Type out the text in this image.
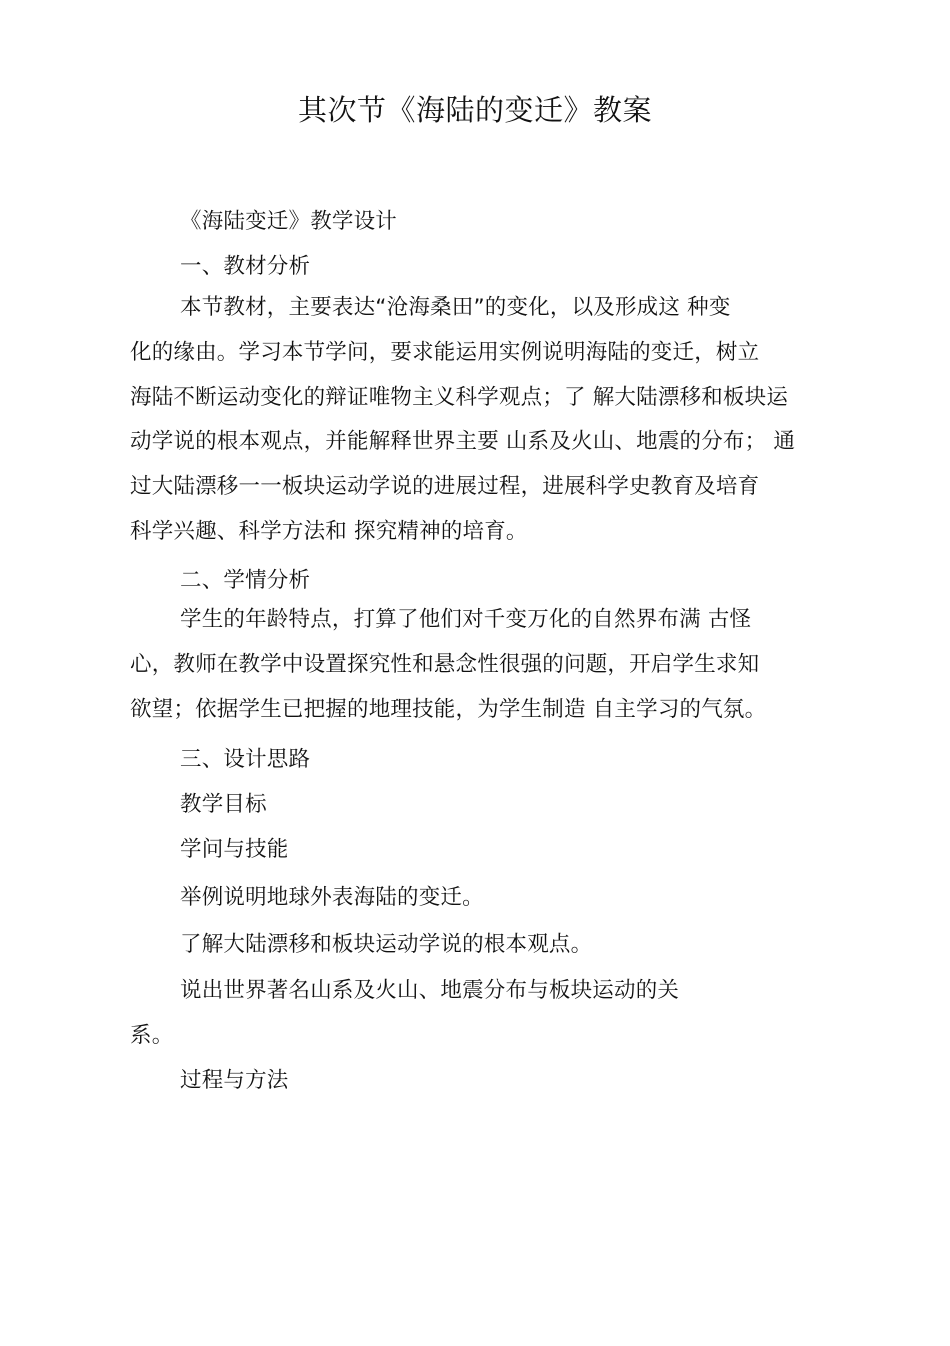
其次节《海陆的变迁》教案
《海陆变迁》教学设计
一、教材分析
本节教材，主要表达“沧海桑田”的变化，以及形成这 种变
化的缘由。学习本节学问，要求能运用实例说明海陆的变迁，树立
海陆不断运动变化的辩证唯物主义科学观点；了 解大陆漂移和板块运
动学说的根本观点，并能解释世界主要 山系及火山、地震的分布； 通
过大陆漂移一一板块运动学说的进展过程，进展科学史教育及培育
科学兴趣、科学方法和 探究精神的培育。
二、学情分析
学生的年龄特点，打算了他们对千变万化的自然界布满 古怪
心，教师在教学中设置探究性和悬念性很强的问题，开启学生求知
欲望；依据学生已把握的地理技能，为学生制造 自主学习的气氛。
三、设计思路
教学目标
学问与技能
举例说明地球外表海陆的变迁。
了解大陆漂移和板块运动学说的根本观点。
说出世界著名山系及火山、地震分布与板块运动的关
系。
过程与方法
